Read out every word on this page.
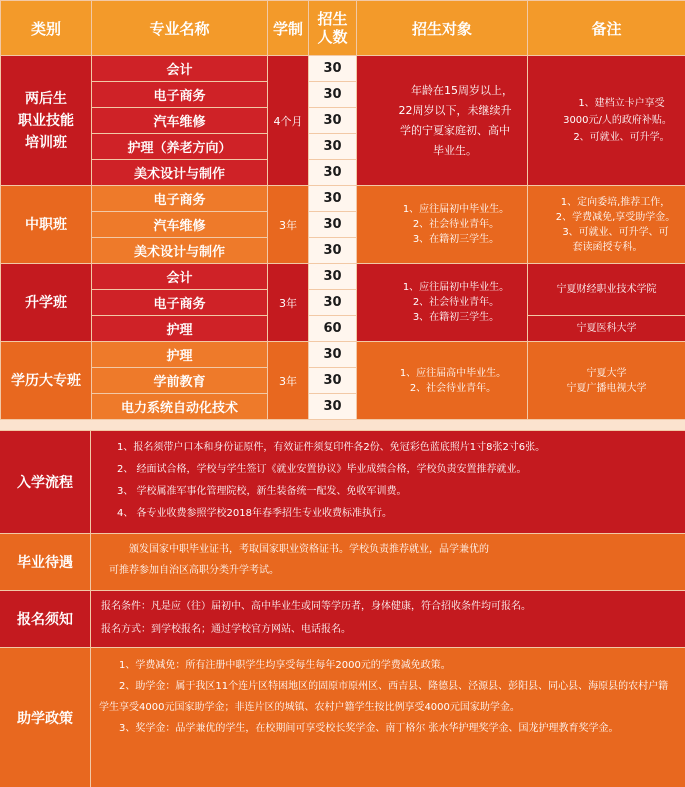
类别	专业名称	学制	招生
人数	招生对象	备注
两后生
职业技能
培训班	会计	4个月	30	年龄在15周岁以上，
22周岁以下，未继续升
学的宁夏家庭初、高中
毕业生。	1、建档立卡户享受
3000元/人的政府补贴。
2、可就业、可升学。
	电子商务		30		
	汽车维修		30		
	护理（养老方向）		30		
	美术设计与制作		30		
中职班	电子商务	3年	30	1、应往届初中毕业生。
2、社会待业青年。
3、在籍初三学生。	1、定向委培,推荐工作，
2、学费减免,享受助学金。
3、可就业、可升学、可
套读函授专科。
	汽车维修		30		
	美术设计与制作		30		
升学班	会计	3年	30	1、应往届初中毕业生。
2、社会待业青年。
3、在籍初三学生。	宁夏财经职业技术学院
	电子商务		30		
	护理		60		宁夏医科大学
学历大专班	护理	3年	30	1、应往届高中毕业生。
2、社会待业青年。	宁夏大学
宁夏广播电视大学
	学前教育		30		
	电力系统自动化技术		30		
入学流程

1、报名须带户口本和身份证原件，有效证件须复印件各2份、免冠彩色蓝底照片1寸8张2寸6张。

2、 经面试合格，学校与学生签订《就业安置协议》毕业成绩合格，学校负责安置推荐就业。

3、 学校属准军事化管理院校，新生装备统一配发、免收军训费。

4、 各专业收费参照学校2018年春季招生专业收费标准执行。

毕业待遇

颁发国家中职毕业证书，考取国家职业资格证书。学校负责推荐就业，品学兼优的

可推荐参加自治区高职分类升学考试。

报名须知

报名条件：凡是应（往）届初中、高中毕业生或同等学历者，身体健康，符合招收条件均可报名。

报名方式：到学校报名；通过学校官方网站、电话报名。

助学政策

1、学费减免：所有注册中职学生均享受每生每年2000元的学费减免政策。

2、助学金：属于我区11个连片区特困地区的固原市原州区、西吉县、隆德县、泾源县、彭阳县、同心县、海原县的农村户籍学生享受4000元国家助学金；非连片区的城镇、农村户籍学生按比例享受4000元国家助学金。

3、奖学金：品学兼优的学生，在校期间可享受校长奖学金、南丁格尔 张水华护理奖学金、国龙护理教育奖学金。
